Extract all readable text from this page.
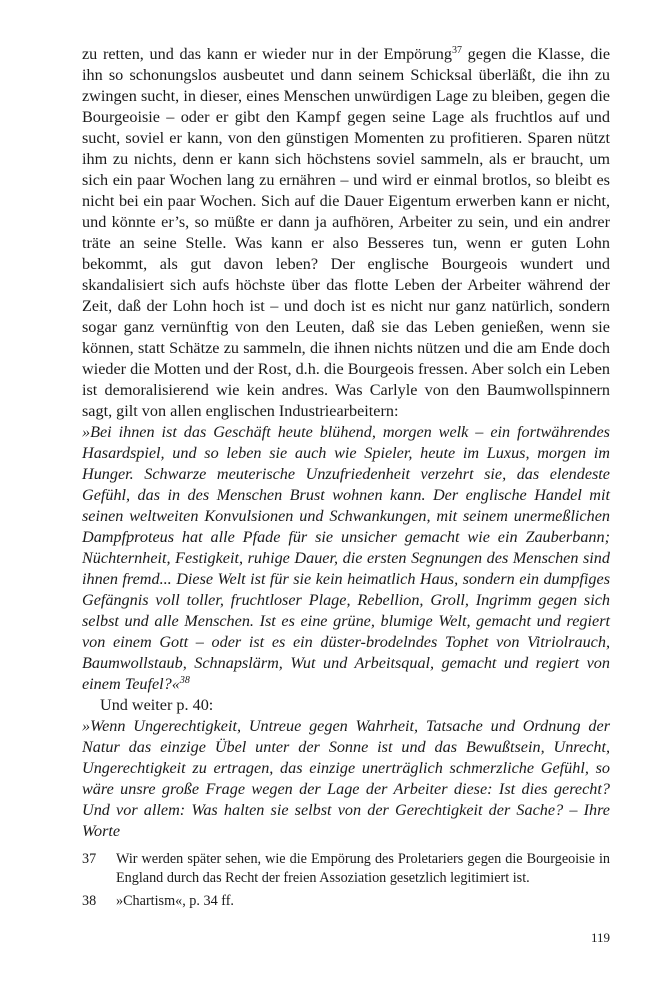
zu retten, und das kann er wieder nur in der Empörung$^{37}$ gegen die Klasse, die ihn so schonungslos ausbeutet und dann seinem Schicksal überläßt, die ihn zu zwingen sucht, in dieser, eines Menschen unwürdigen Lage zu bleiben, gegen die Bourgeoisie – oder er gibt den Kampf gegen seine Lage als fruchtlos auf und sucht, soviel er kann, von den günstigen Momenten zu profitieren. Sparen nützt ihm zu nichts, denn er kann sich höchstens soviel sammeln, als er braucht, um sich ein paar Wochen lang zu ernähren – und wird er einmal brotlos, so bleibt es nicht bei ein paar Wochen. Sich auf die Dauer Eigentum erwerben kann er nicht, und könnte er’s, so müßte er dann ja aufhören, Arbeiter zu sein, und ein andrer träte an seine Stelle. Was kann er also Besseres tun, wenn er guten Lohn bekommt, als gut davon leben? Der englische Bourgeois wundert und skandalisiert sich aufs höchste über das flotte Leben der Arbeiter während der Zeit, daß der Lohn hoch ist – und doch ist es nicht nur ganz natürlich, sondern sogar ganz vernünftig von den Leuten, daß sie das Leben genießen, wenn sie können, statt Schätze zu sammeln, die ihnen nichts nützen und die am Ende doch wieder die Motten und der Rost, d.h. die Bourgeois fressen. Aber solch ein Leben ist demoralisierend wie kein andres. Was Carlyle von den Baumwollspinnern sagt, gilt von allen englischen Industriearbeitern:

»Bei ihnen ist das Geschäft heute blühend, morgen welk – ein fortwährendes Hasardspiel, und so leben sie auch wie Spieler, heute im Luxus, morgen im Hunger. Schwarze meuterische Unzufriedenheit verzehrt sie, das elendeste Gefühl, das in des Menschen Brust wohnen kann. Der englische Handel mit seinen weltweiten Konvulsionen und Schwankungen, mit seinem unermeßlichen Dampfproteus hat alle Pfade für sie unsicher gemacht wie ein Zauberbann; Nüchternheit, Festigkeit, ruhige Dauer, die ersten Segnungen des Menschen sind ihnen fremd... Diese Welt ist für sie kein heimatlich Haus, sondern ein dumpfiges Gefängnis voll toller, fruchtloser Plage, Rebellion, Groll, Ingrimm gegen sich selbst und alle Menschen. Ist es eine grüne, blumige Welt, gemacht und regiert von einem Gott – oder ist es ein düster-brodelndes Tophet von Vitriolrauch, Baumwollstaub, Schnapslärm, Wut und Arbeitsqual, gemacht und regiert von einem Teufel?«$^{38}$

Und weiter p. 40:

»Wenn Ungerechtigkeit, Untreue gegen Wahrheit, Tatsache und Ordnung der Natur das einzige Übel unter der Sonne ist und das Bewußtsein, Unrecht, Ungerechtigkeit zu ertragen, das einzige unerträglich schmerzliche Gefühl, so wäre unsre große Frage wegen der Lage der Arbeiter diese: Ist dies gerecht? Und vor allem: Was halten sie selbst von der Gerechtigkeit der Sache? – Ihre Worte

37	Wir werden später sehen, wie die Empörung des Proletariers gegen die Bourgeoisie in England durch das Recht der freien Assoziation gesetzlich legitimiert ist.
38	»Chartism«, p. 34 ff.
119
